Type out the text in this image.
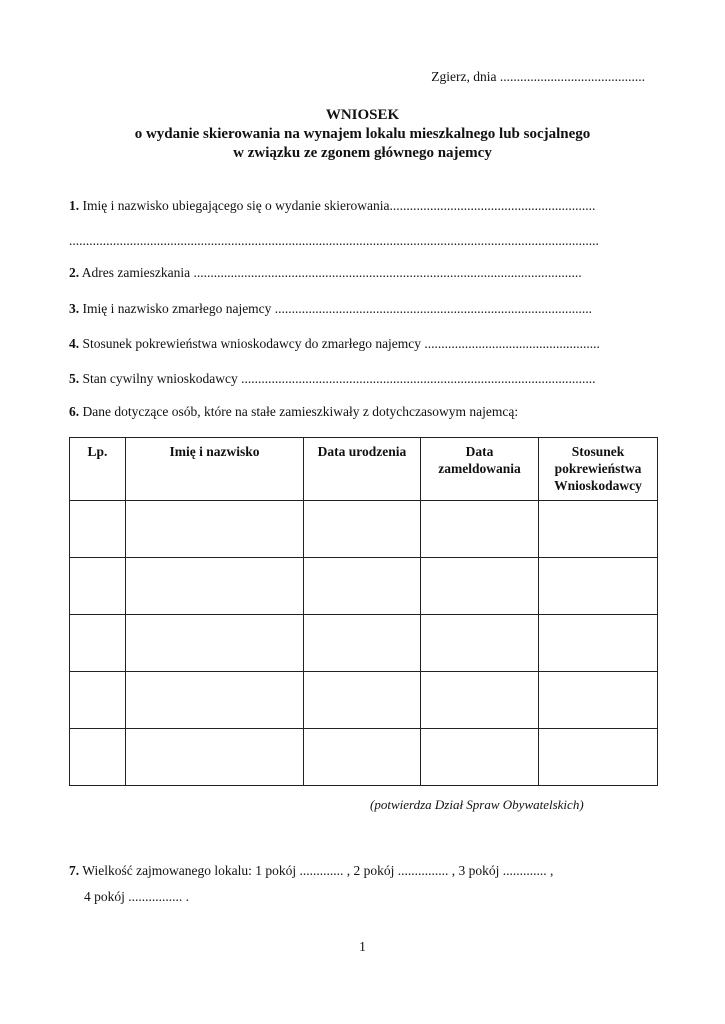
Zgierz, dnia ...........................................
WNIOSEK
o wydanie skierowania na wynajem lokalu mieszkalnego lub socjalnego
w związku ze zgonem głównego najemcy
1. Imię i nazwisko ubiegającego się o wydanie skierowania.............................................................
.............................................................................................................................................................
2. Adres zamieszkania ...................................................................................................................
3. Imię i nazwisko zmarłego najemcy ..............................................................................................
4. Stosunek pokrewieństwa wnioskodawcy do zmarłego najemcy ....................................................
5. Stan cywilny wnioskodawcy .........................................................................................................
6. Dane dotyczące osób, które na stałe zamieszkiwały z dotychczasowym najemcą:
Lp.	Imię i nazwisko	Data urodzenia	Data zameldowania	Stosunek pokrewieństwa Wnioskodawcy

(potwierdza Dział Spraw Obywatelskich)
7. Wielkość zajmowanego lokalu: 1 pokój ............. , 2 pokój ............... , 3 pokój ............. ,
4 pokój ................ .
1
